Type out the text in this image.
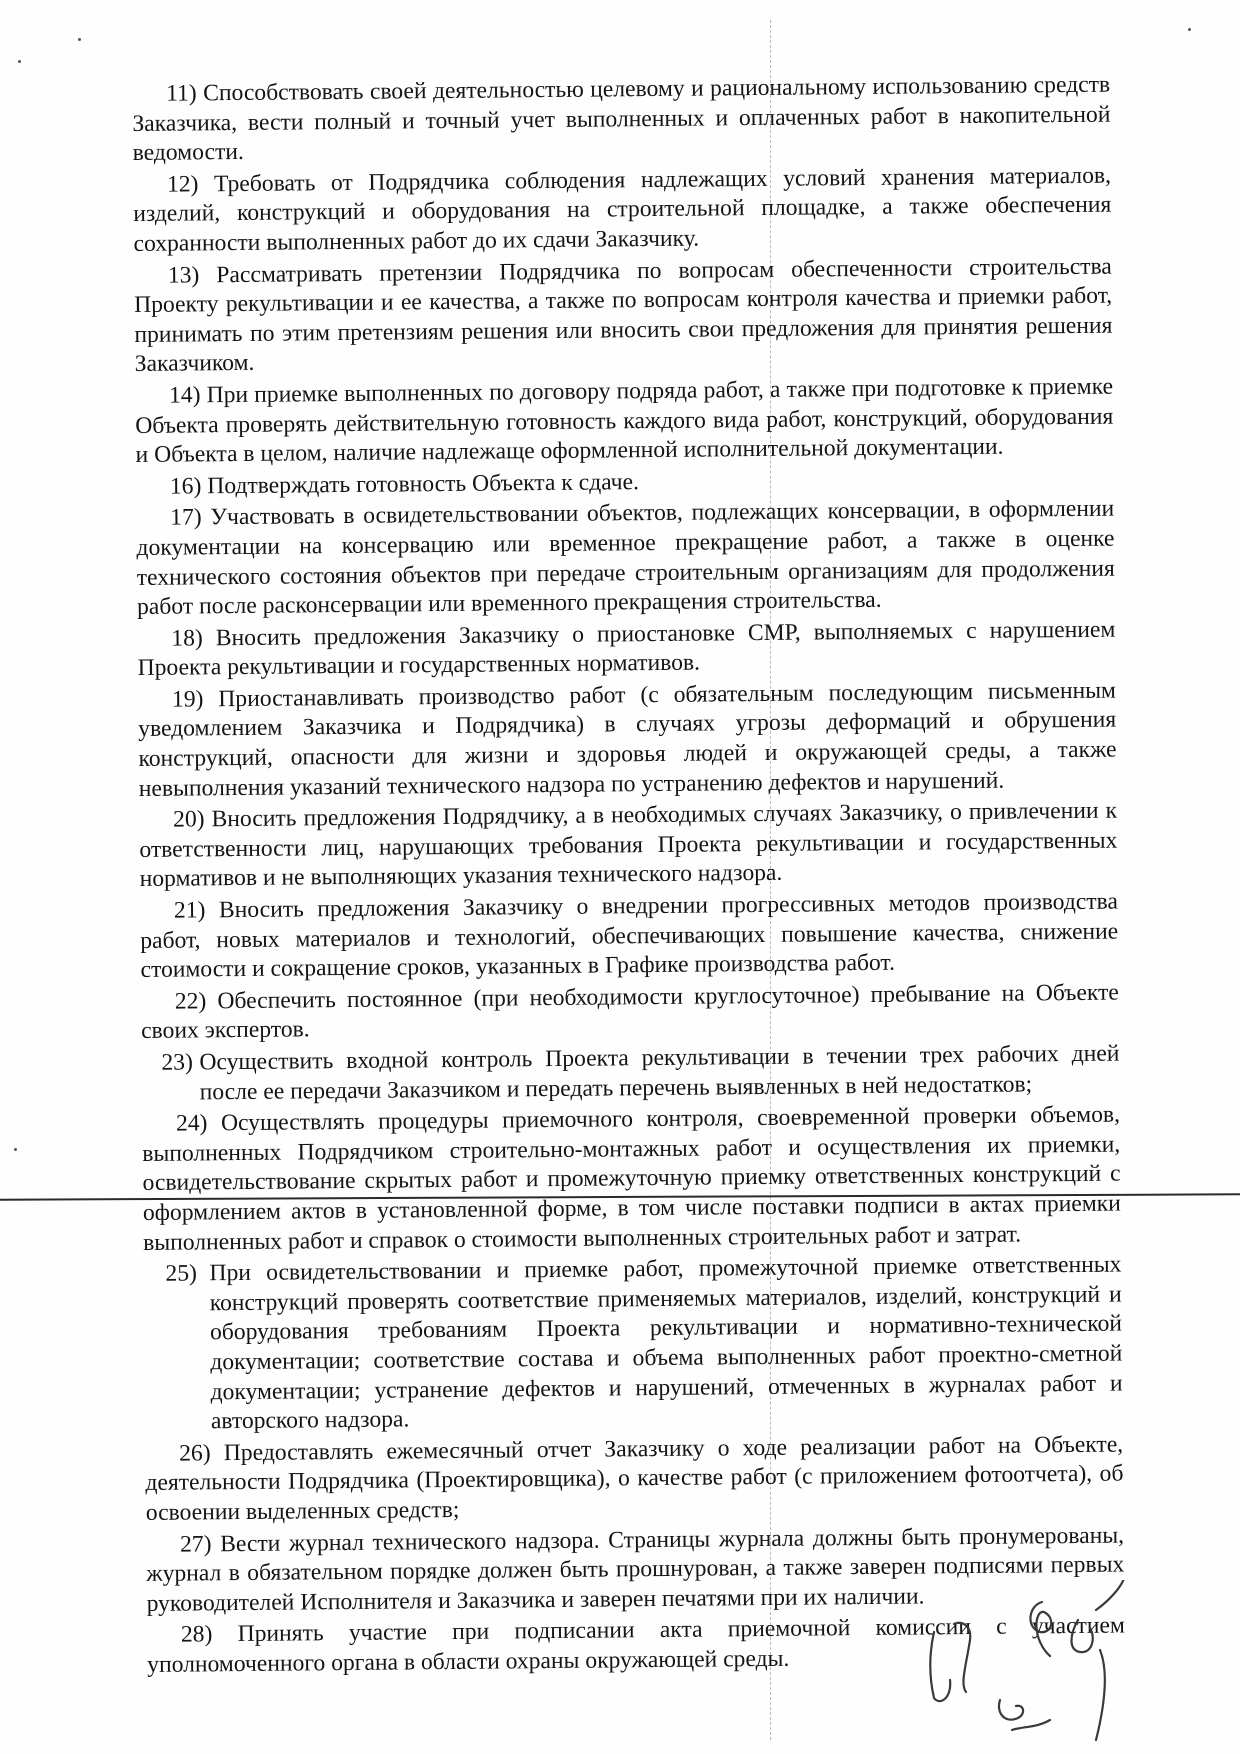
11) Способствовать своей деятельностью целевому и рациональному использованию средств Заказчика, вести полный и точный учет выполненных и оплаченных работ в накопительной ведомости.

12) Требовать от Подрядчика соблюдения надлежащих условий хранения материалов, изделий, конструкций и оборудования на строительной площадке, а также обеспечения сохранности выполненных работ до их сдачи Заказчику.

13) Рассматривать претензии Подрядчика по вопросам обеспеченности строительства Проекту рекультивации и ее качества, а также по вопросам контроля качества и приемки работ, принимать по этим претензиям решения или вносить свои предложения для принятия решения Заказчиком.

14) При приемке выполненных по договору подряда работ, а также при подготовке к приемке Объекта проверять действительную готовность каждого вида работ, конструкций, оборудования и Объекта в целом, наличие надлежаще оформленной исполнительной документации.

16) Подтверждать готовность Объекта к сдаче.

17) Участвовать в освидетельствовании объектов, подлежащих консервации, в оформлении документации на консервацию или временное прекращение работ, а также в оценке технического состояния объектов при передаче строительным организациям для продолжения работ после расконсервации или временного прекращения строительства.

18) Вносить предложения Заказчику о приостановке СМР, выполняемых с нарушением Проекта рекультивации и государственных нормативов.

19) Приостанавливать производство работ (с обязательным последующим письменным уведомлением Заказчика и Подрядчика) в случаях угрозы деформаций и обрушения конструкций, опасности для жизни и здоровья людей и окружающей среды, а также невыполнения указаний технического надзора по устранению дефектов и нарушений.

20) Вносить предложения Подрядчику, а в необходимых случаях Заказчику, о привлечении к ответственности лиц, нарушающих требования Проекта рекультивации и государственных нормативов и не выполняющих указания технического надзора.

21) Вносить предложения Заказчику о внедрении прогрессивных методов производства работ, новых материалов и технологий, обеспечивающих повышение качества, снижение стоимости и сокращение сроков, указанных в Графике производства работ.

22) Обеспечить постоянное (при необходимости круглосуточное) пребывание на Объекте своих экспертов.

23) Осуществить входной контроль Проекта рекультивации в течении трех рабочих дней после ее передачи Заказчиком и передать перечень выявленных в ней недостатков;

24) Осуществлять процедуры приемочного контроля, своевременной проверки объемов, выполненных Подрядчиком строительно-монтажных работ и осуществления их приемки, освидетельствование скрытых работ и промежуточную приемку ответственных конструкций с оформлением актов в установленной форме, в том числе поставки подписи в актах приемки выполненных работ и справок о стоимости выполненных строительных работ и затрат.

25) При освидетельствовании и приемке работ, промежуточной приемке ответственных конструкций проверять соответствие применяемых материалов, изделий, конструкций и оборудования требованиям Проекта рекультивации и нормативно-технической документации; соответствие состава и объема выполненных работ проектно-сметной документации; устранение дефектов и нарушений, отмеченных в журналах работ и авторского надзора.

26) Предоставлять ежемесячный отчет Заказчику о ходе реализации работ на Объекте, деятельности Подрядчика (Проектировщика), о качестве работ (с приложением фотоотчета), об освоении выделенных средств;

27) Вести журнал технического надзора. Страницы журнала должны быть пронумерованы, журнал в обязательном порядке должен быть прошнурован, а также заверен подписями первых руководителей Исполнителя и Заказчика и заверен печатями при их наличии.

28) Принять участие при подписании акта приемочной комиссии с участием уполномоченного органа в области охраны окружающей среды.
